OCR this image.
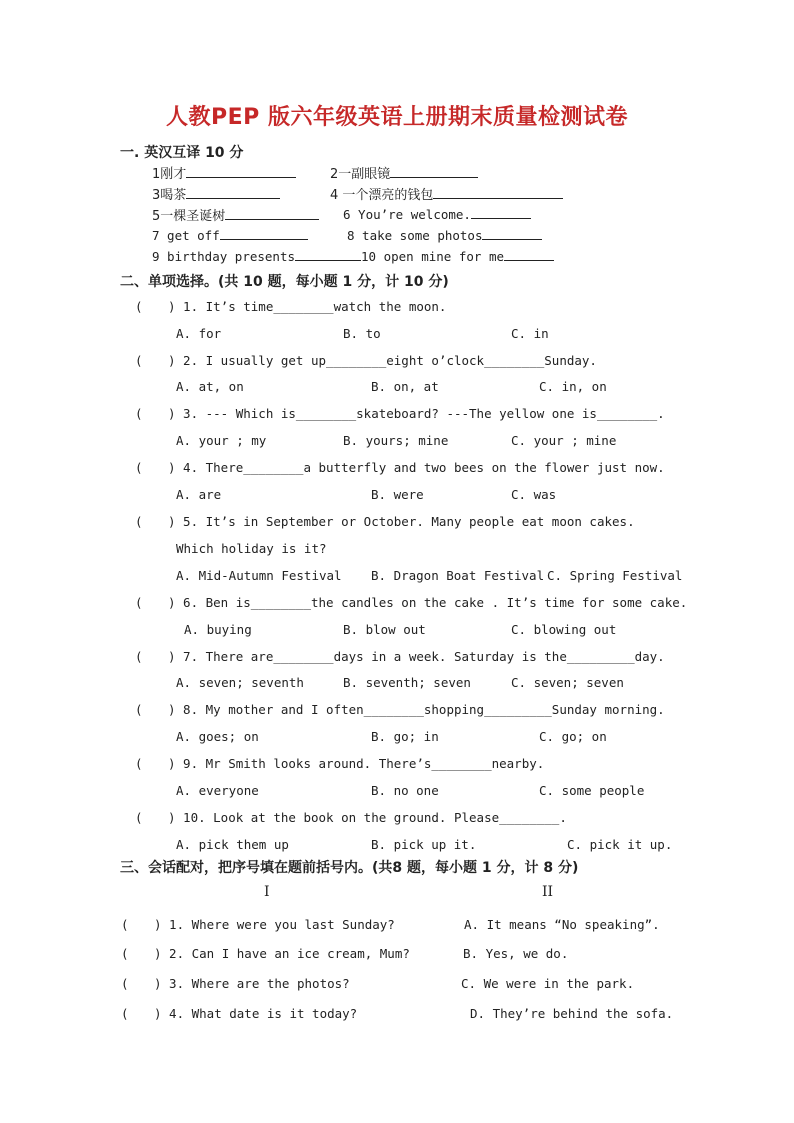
人教PEP 版六年级英语上册期末质量检测试卷
一. 英汉互译 10 分
1刚才	2一副眼镜
3喝茶	4 一个漂亮的钱包
5一棵圣诞树	6 You’re welcome.
7 get off	8 take some photos
9 birthday presents	10 open mine for me
二、单项选择。(共 10 题，每小题 1 分，计 10 分)
( ) 1. It’s time________watch the moon.
A. for	B. to	C. in
( ) 2. I usually get up________eight o’clock________Sunday.
A. at, on	B. on, at	C. in, on
( ) 3. --- Which is________skateboard? ---The yellow one is________.
A. your ; my	B. yours; mine	C. your ; mine
( ) 4. There________a butterfly and two bees on the flower just now.
A. are	B. were	C. was
( ) 5. It’s in September or October. Many people eat moon cakes.
Which holiday is it?
A. Mid-Autumn Festival B. Dragon Boat Festival C. Spring Festival
( ) 6. Ben is________the candles on the cake . It’s time for some cake.
A. buying	B. blow out	C. blowing out
( ) 7. There are________days in a week. Saturday is the_________day.
A. seven; seventh	B. seventh; seven	C. seven; seven
( ) 8. My mother and I often________shopping_________Sunday morning.
A. goes; on	B. go; in	C. go; on
( ) 9. Mr Smith looks around. There’s________nearby.
A. everyone	B. no one	C. some people
( ) 10. Look at the book on the ground. Please________.
A. pick them up	B. pick up it.	C. pick it up.
三、会话配对，把序号填在题前括号内。(共8 题，每小题 1 分，计 8 分)
I	II
( ) 1. Where were you last Sunday?	A. It means “No speaking”.
( ) 2. Can I have an ice cream, Mum?	B. Yes, we do.
( ) 3. Where are the photos?	C. We were in the park.
( ) 4. What date is it today?	D. They’re behind the sofa.
